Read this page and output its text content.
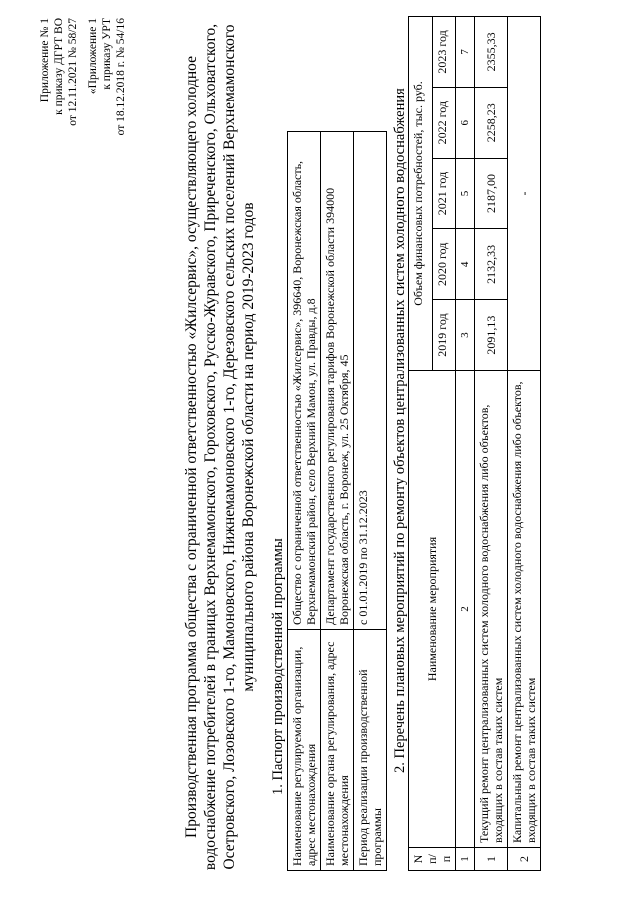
Приложение № 1 к приказу ДГРТ ВО от 12.11.2021 № 58/27 «Приложение 1 к приказу УРТ от 18.12.2018 г. № 54/16	Производственная программа общества с ограниченной ответственностью «Жилсервис», осуществляющего холодное водоснабжение потребителей в границах Верхнемамонского, Гороховского, Русско-Журавского, Приреченского, Ольховатского, Осетровского, Лозовского 1-го, Мамоновского, Нижнемамоновского 1-го, Дерезовского сельских поселений Верхнемамонского муниципального района Воронежской области на период 2019-2023 годов 1. Паспорт производственной программы Наименование регулируемой организации, адрес местонахождения	Общество с ограниченной ответственностью «Жилсервис», 396640, Воронежская область, Верхнемамонский район, село Верхний Мамон, ул. Правды, д.8
Наименование органа регулирования, адрес местонахождения	Департамент государственного регулирования тарифов Воронежской области 394000 Воронежская область, г. Воронеж, ул. 25 Октября, 45
Период реализации производственной программы	с 01.01.2019 по 31.12.2023 2. Перечень плановых мероприятий по ремонту объектов централизованных систем холодного водоснабжения
N п/п	Наименование мероприятия	Объем финансовых потребностей, тыс. руб.				
		2019 год	2020 год	2021 год	2022 год	2023 год
1	2	3	4	5	6	7
1	Текущий ремонт централизованных систем холодного водоснабжения либо объектов, входящих в состав таких систем	2091,13	2132,33	2187,00	2258,23	2355,33
2	Капитальный ремонт централизованных систем холодного водоснабжения либо объектов, входящих в состав таких систем	-				
